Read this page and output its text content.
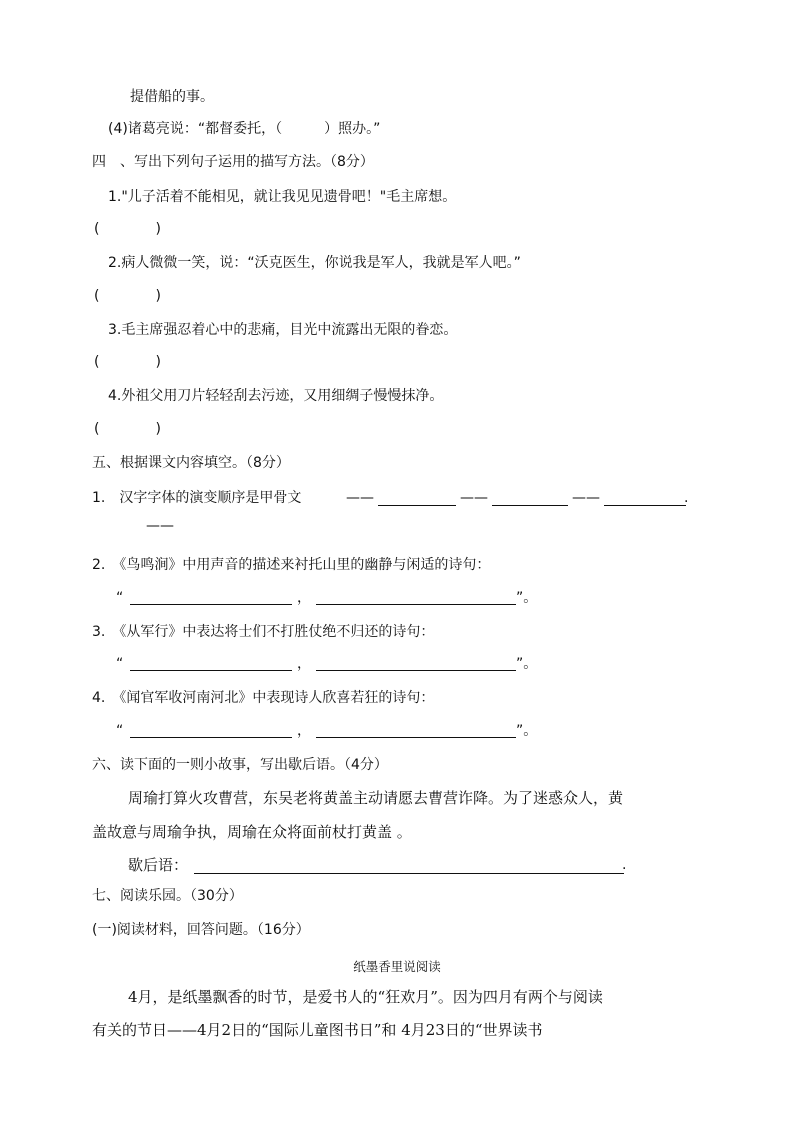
提借船的事。
(4)诸葛亮说：“都督委托，（　　　）照办。”
四　、写出下列句子运用的描写方法。（8分）
1."儿子活着不能相见，就让我见见遗骨吧！"毛主席想。
(　　　　)
2.病人微微一笑，说：“沃克医生，你说我是军人，我就是军人吧。”
(　　　　)
3.毛主席强忍着心中的悲痛，目光中流露出无限的眷恋。
(　　　　)
4.外祖父用刀片轻轻刮去污迹，又用细绸子慢慢抹净。
(　　　　)
五、根据课文内容填空。（8分）
1.　汉字字体的演变顺序是甲骨文	——	——	——	.
——
2.　《鸟鸣涧》中用声音的描述来衬托山里的幽静与闲适的诗句：
“	，	”。
3.　《从军行》中表达将士们不打胜仗绝不归还的诗句：
“	，	”。
4.　《闻官军收河南河北》中表现诗人欣喜若狂的诗句：
“	，	”。
六、读下面的一则小故事，写出歇后语。（4分）
周瑜打算火攻曹营，东吴老将黄盖主动请愿去曹营诈降。为了迷惑众人，黄
盖故意与周瑜争执，周瑜在众将面前杖打黄盖 。
歇后语：	.
七、阅读乐园。（30分）
(一)阅读材料，回答问题。（16分）
纸墨香里说阅读
4月，是纸墨飘香的时节，是爱书人的“狂欢月”。因为四月有两个与阅读
有关的节日——4月2日的“国际儿童图书日”和 4月23日的“世界读书
